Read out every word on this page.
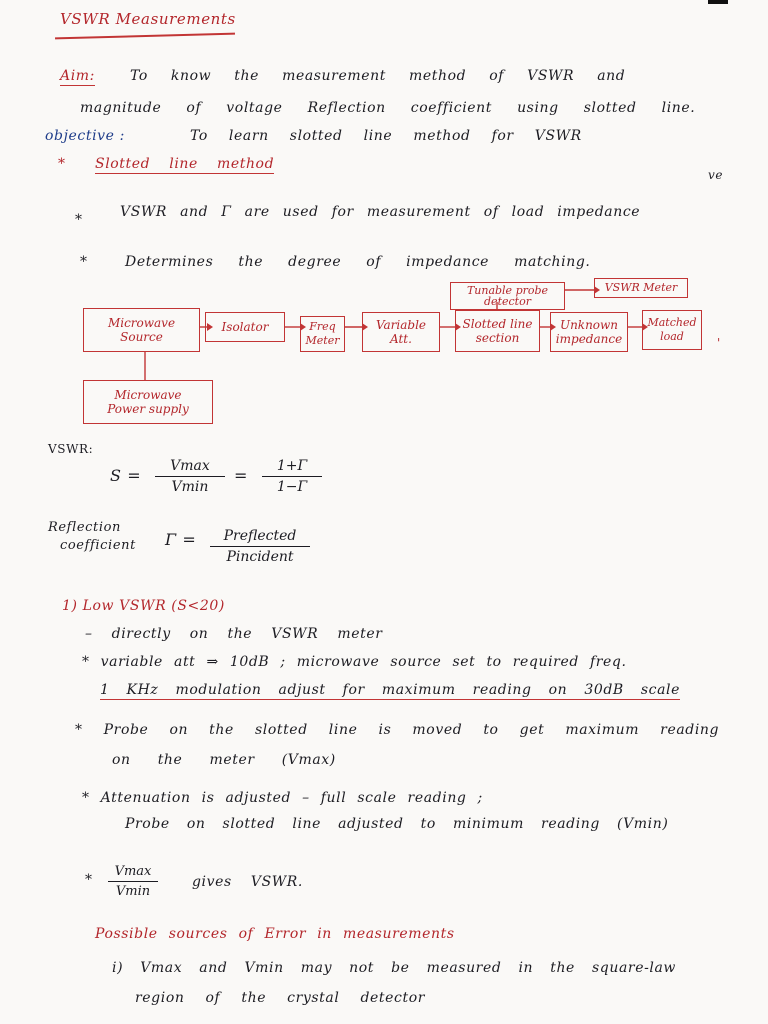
VSWR Measurements
Aim:	To know the measurement method of VSWR and
magnitude of voltage Reflection coefficient using slotted line.
objective :	To learn slotted line method for VSWR
* Slotted line method
ve
*	VSWR and Γ are used for measurement of load impedance
*	Determines the degree of impedance matching.
Microwave
Source
Isolator	Freq
Meter
Variable
Att.
Slotted line
section
Unknown
impedance
Matched
load
Tunable probe
detector
VSWR Meter
Microwave
Power supply
'
VSWR:
S =	Vmax
Vmin
= $\frac{1+\Gamma}{1-\Gamma}$
Reflection
coefficient Γ =	Preflected
Pincident
1) Low VSWR (S<20)
– directly on the VSWR meter
* variable att ⇒ 10dB ; microwave source set to required freq.
1 KHz modulation adjust for maximum reading on 30dB scale
* Probe on the slotted line is moved to get maximum reading
on the meter (Vmax)
* Attenuation is adjusted – full scale reading ;
Probe on slotted line adjusted to minimum reading (Vmin)
*
Vmax
Vmin
gives VSWR.
Possible sources of Error in measurements
i) Vmax and Vmin may not be measured in the square-law
region of the crystal detector
